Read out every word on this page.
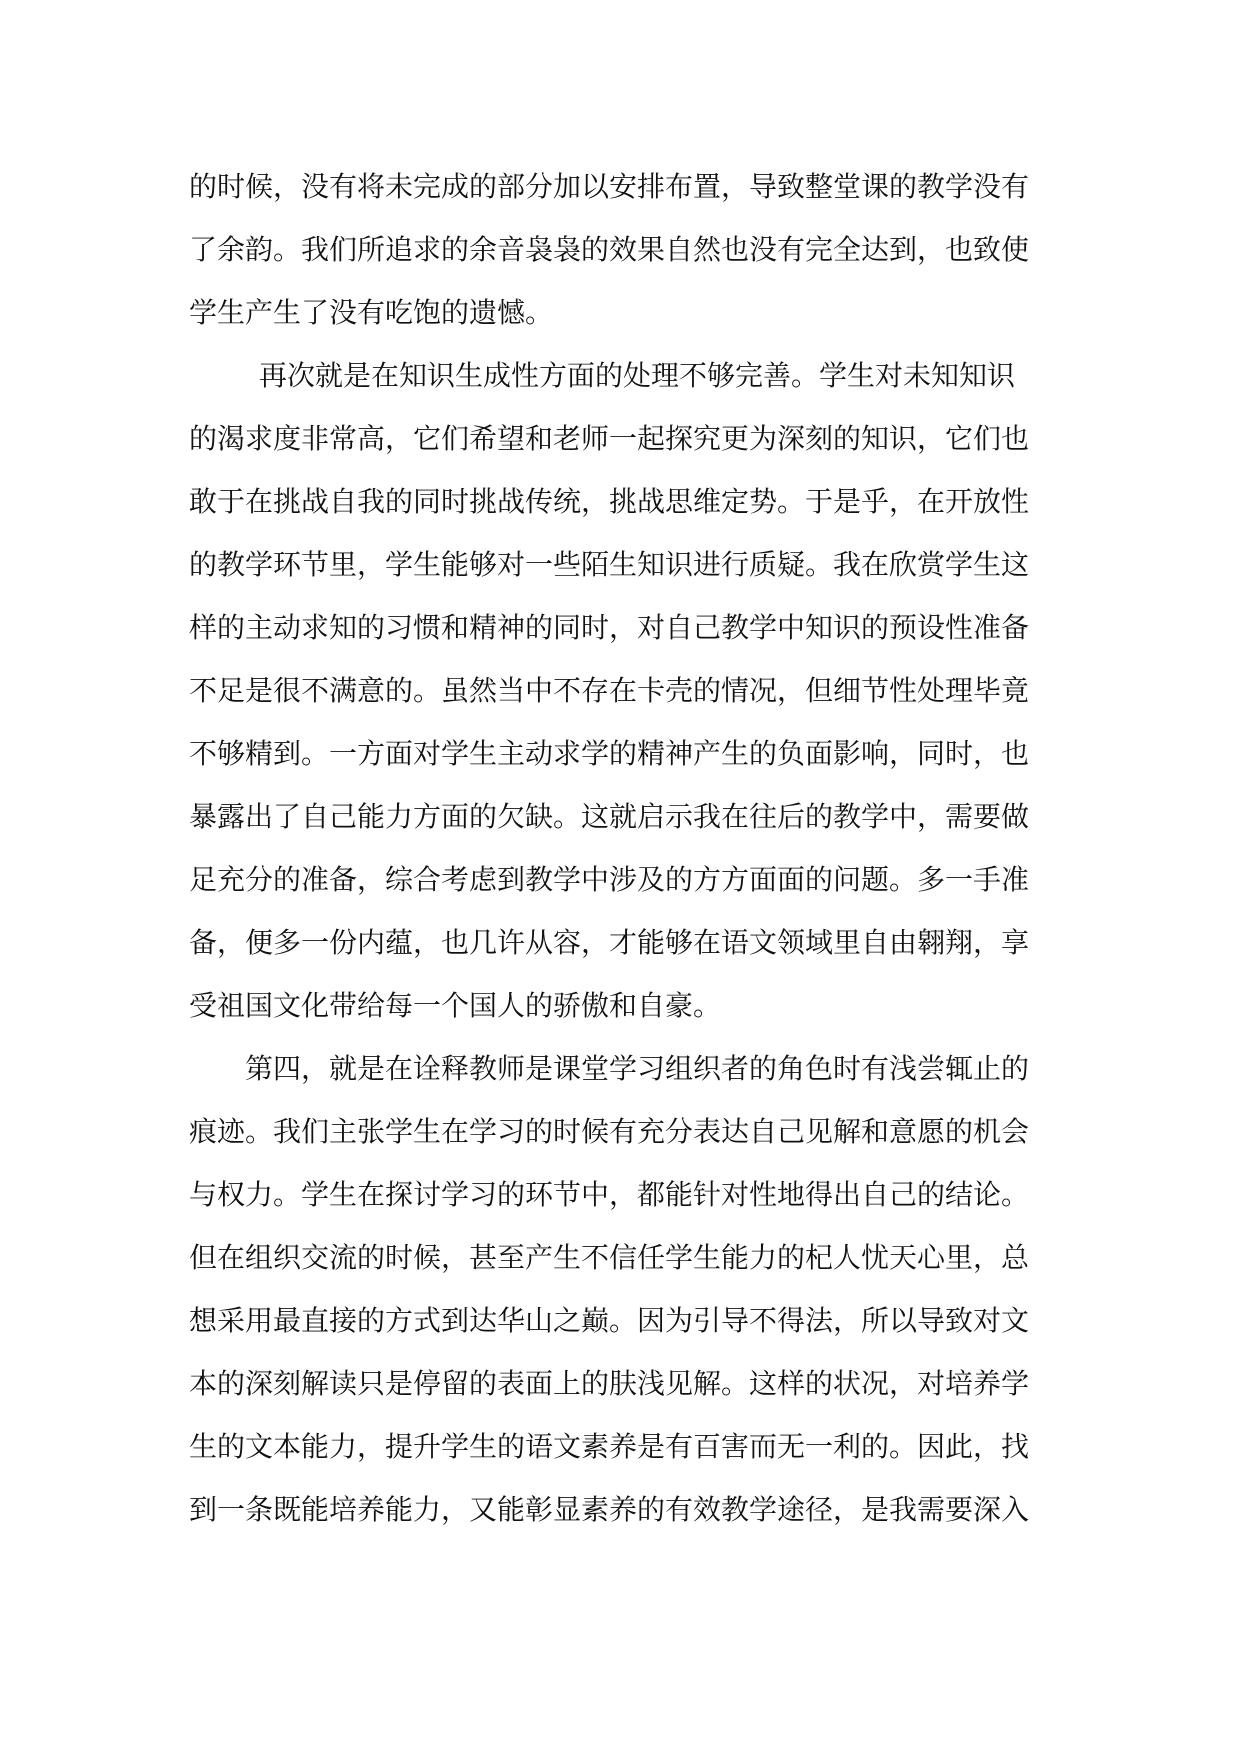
的时候，没有将未完成的部分加以安排布置，导致整堂课的教学没有
了余韵。我们所追求的余音袅袅的效果自然也没有完全达到，也致使
学生产生了没有吃饱的遗憾。
再次就是在知识生成性方面的处理不够完善。学生对未知知识
的渴求度非常高，它们希望和老师一起探究更为深刻的知识，它们也
敢于在挑战自我的同时挑战传统，挑战思维定势。于是乎，在开放性
的教学环节里，学生能够对一些陌生知识进行质疑。我在欣赏学生这
样的主动求知的习惯和精神的同时，对自己教学中知识的预设性准备
不足是很不满意的。虽然当中不存在卡壳的情况，但细节性处理毕竟
不够精到。一方面对学生主动求学的精神产生的负面影响，同时，也
暴露出了自己能力方面的欠缺。这就启示我在往后的教学中，需要做
足充分的准备，综合考虑到教学中涉及的方方面面的问题。多一手准
备，便多一份内蕴，也几许从容，才能够在语文领域里自由翱翔，享
受祖国文化带给每一个国人的骄傲和自豪。
第四，就是在诠释教师是课堂学习组织者的角色时有浅尝辄止的
痕迹。我们主张学生在学习的时候有充分表达自己见解和意愿的机会
与权力。学生在探讨学习的环节中，都能针对性地得出自己的结论。
但在组织交流的时候，甚至产生不信任学生能力的杞人忧天心里，总
想采用最直接的方式到达华山之巅。因为引导不得法，所以导致对文
本的深刻解读只是停留的表面上的肤浅见解。这样的状况，对培养学
生的文本能力，提升学生的语文素养是有百害而无一利的。因此，找
到一条既能培养能力，又能彰显素养的有效教学途径，是我需要深入
